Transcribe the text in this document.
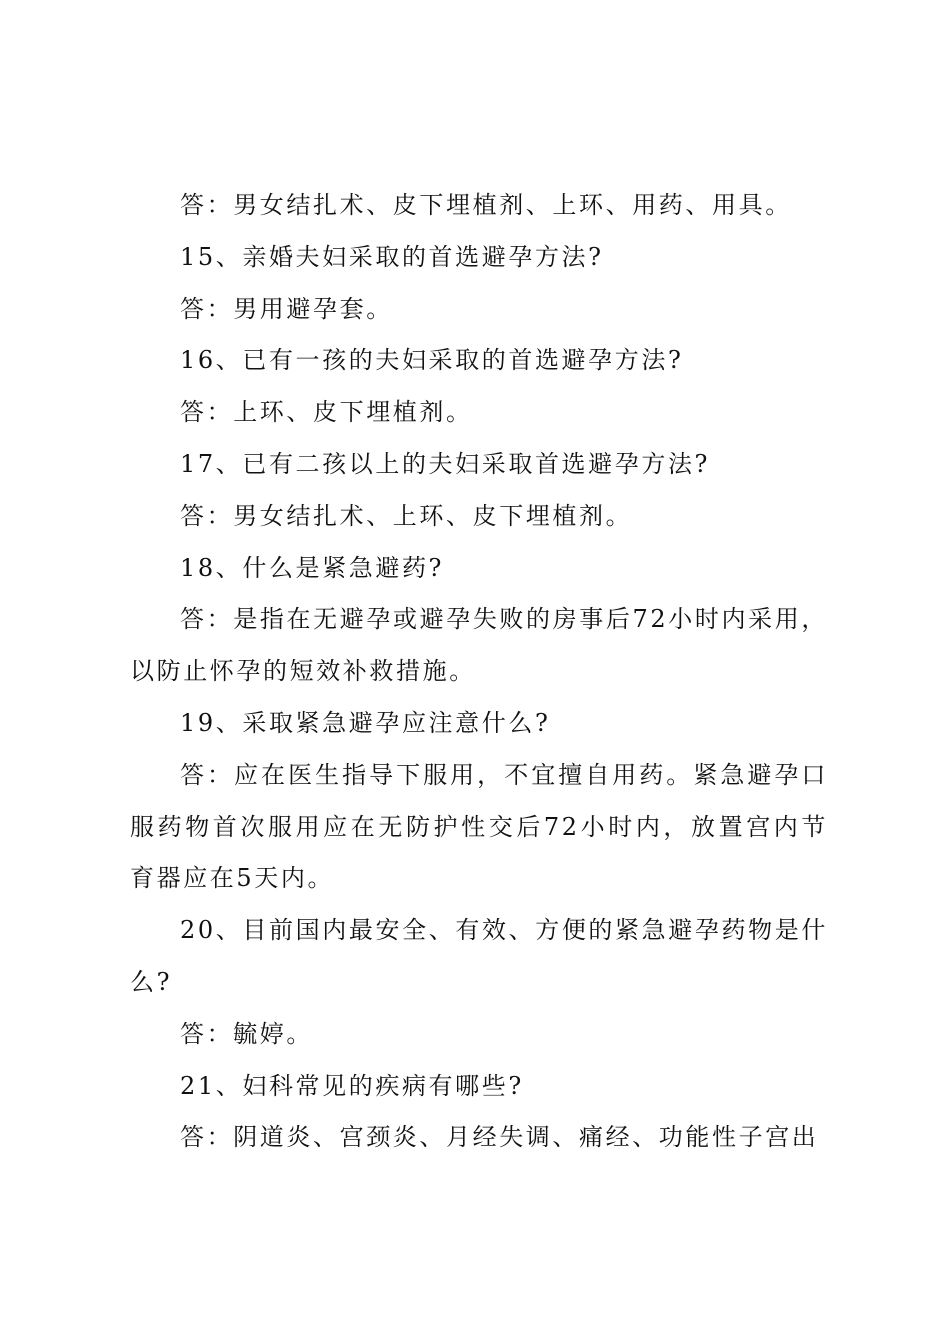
答：男女结扎术、皮下埋植剂、上环、用药、用具。

15、亲婚夫妇采取的首选避孕方法?

答：男用避孕套。

16、已有一孩的夫妇采取的首选避孕方法?

答：上环、皮下埋植剂。

17、已有二孩以上的夫妇采取首选避孕方法?

答：男女结扎术、上环、皮下埋植剂。

18、什么是紧急避药?

答：是指在无避孕或避孕失败的房事后72小时内采用，以防止怀孕的短效补救措施。

19、采取紧急避孕应注意什么?

答：应在医生指导下服用，不宜擅自用药。紧急避孕口服药物首次服用应在无防护性交后72小时内，放置宫内节育器应在5天内。

20、目前国内最安全、有效、方便的紧急避孕药物是什么?

答：毓婷。

21、妇科常见的疾病有哪些?

答：阴道炎、宫颈炎、月经失调、痛经、功能性子宫出
